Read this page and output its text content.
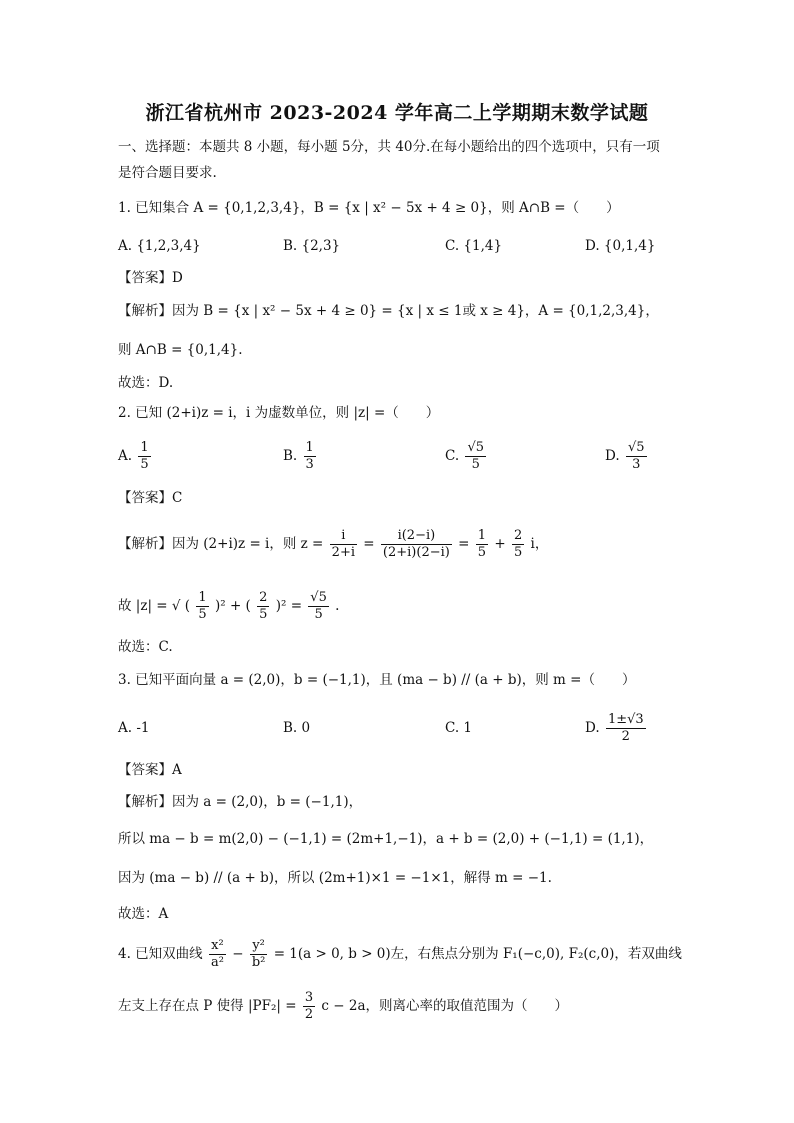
浙江省杭州市 2023-2024 学年高二上学期期末数学试题
一、选择题：本题共 8 小题，每小题 5分，共 40分.在每小题给出的四个选项中，只有一项
是符合题目要求.
1. 已知集合 A = {0,1,2,3,4}，B = {x | x² − 5x + 4 ≥ 0}，则 A∩B =（　　）
A. {1,2,3,4}	B. {2,3}	C. {1,4}	D. {0,1,4}
【答案】D
【解析】因为 B = {x | x² − 5x + 4 ≥ 0} = {x | x ≤ 1或 x ≥ 4}，A = {0,1,2,3,4}，
则 A∩B = {0,1,4}.
故选：D.
2. 已知 (2+i)z = i，i 为虚数单位，则 |z| =（　　）
A. $\frac{1}{5}$	B. $\frac{1}{3}$	C. $\frac{√5}{5}$	D. $\frac{√5}{3}$
【答案】C
【解析】因为 (2+i)z = i，则 $z = \frac{i}{2+i} = \frac{i(2-i)}{(2+i)(2-i)} = \frac{1}{5} + \frac{2}{5}$ i，
故 |z| = √ ( $\frac{1}{5} )^2$ + ( $\frac{2}{5} )^2 = \frac{√5}{5}$ .
故选：C.
3. 已知平面向量 a = (2,0)，b = (−1,1)，且 (ma − b) // (a + b)，则 m =（　　）
A. -1	B. 0	C. 1	D. $\frac{1\pm√3}{2}$
【答案】A
【解析】因为 a = (2,0)，b = (−1,1)，
所以 ma − b = m(2,0) − (−1,1) = (2m+1,−1)，a + b = (2,0) + (−1,1) = (1,1)，
因为 (ma − b) // (a + b)，所以 (2m+1)×1 = −1×1，解得 m = −1.
故选：A
4. 已知双曲线 $\frac{\text{x²}}{\text{a²}} - \frac{\text{y²}}{\text{b²}} = 1(a > 0$, b > 0)左，右焦点分别为 F₁(−c,0), F₂(c,0)，若双曲线
左支上存在点 P 使得 $|PF_2| = \frac{3}{2}$ c − 2a，则离心率的取值范围为（　　）
